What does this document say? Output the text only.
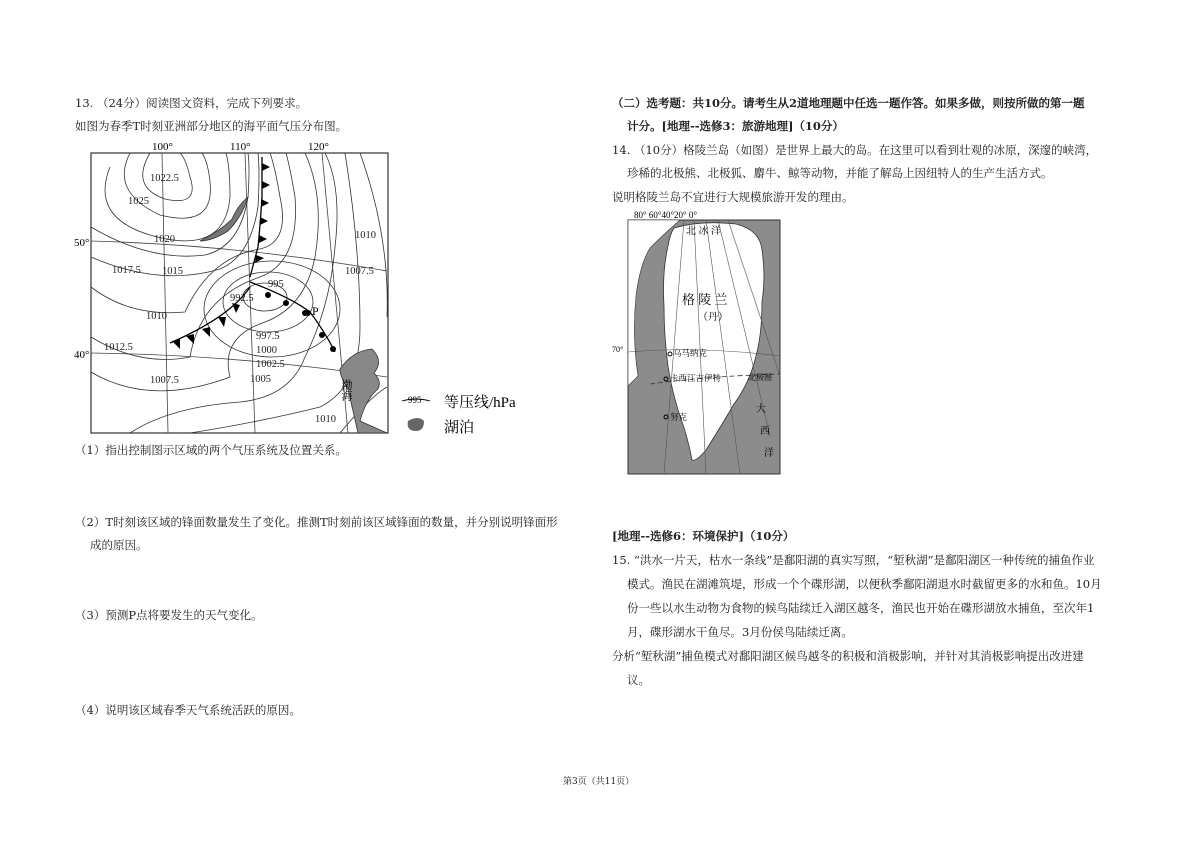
13. （24分）阅读图文资料，完成下列要求。
如图为春季T时刻亚洲部分地区的海平面气压分布图。
100°	110°	120°
50°
40°
1022.5
1025
1020
1017.5 1015
1010
1012.5
995
992.5
997.5
1000
1002.5
1005
1007.5
1010
1007.5
1010
P
渤海	995 等压线/hPa
湖泊
（1）指出控制图示区域的两个气压系统及位置关系。
（2）T时刻该区域的锋面数量发生了变化。推测T时刻前该区域锋面的数量，并分别说明锋面形
成的原因。
（3）预测P点将要发生的天气变化。
（4）说明该区域春季天气系统活跃的原因。
（二）选考题：共10分。请考生从2道地理题中任选一题作答。如果多做，则按所做的第一题
计分。[地理--选修3：旅游地理]（10分）
14. （10分）格陵兰岛（如图）是世界上最大的岛。在这里可以看到壮观的冰原，深邃的峡湾，
珍稀的北极熊、北极狐、麝牛、鲸等动物，并能了解岛上因纽特人的生产生活方式。
说明格陵兰岛不宜进行大规模旅游开发的理由。
80° 60°40°20° 0°
北 冰 洋
格 陵 兰
（丹）
70°	乌马纳克
卡西江吉伊特	北极圈
努克
大
西
洋
[地理--选修6：环境保护]（10分）
15. “洪水一片天，枯水一条线”是鄱阳湖的真实写照，“堑秋湖”是鄱阳湖区一种传统的捕鱼作业
模式。渔民在湖滩筑堤，形成一个个碟形湖，以便秋季鄱阳湖退水时截留更多的水和鱼。10月
份一些以水生动物为食物的候鸟陆续迁入湖区越冬，渔民也开始在碟形湖放水捕鱼，至次年1
月，碟形湖水干鱼尽。3月份侯鸟陆续迁离。
分析“堑秋湖”捕鱼模式对鄱阳湖区候鸟越冬的积极和消极影响，并针对其消极影响提出改进建
议。
第3页（共11页）
